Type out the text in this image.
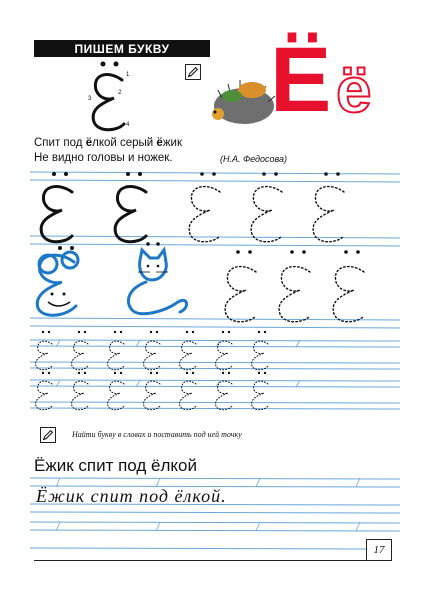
1
2
3
4
ПИШЕМ БУКВУ	Ё ё
Спит под ёлкой серый ёжик
Не видно головы и ножек.	(Н.А. Федосова)
Найти букву в словах и поставить под ней точку
Ёжик спит под ёлкой
Ёжик спит под ёлкой.
17
